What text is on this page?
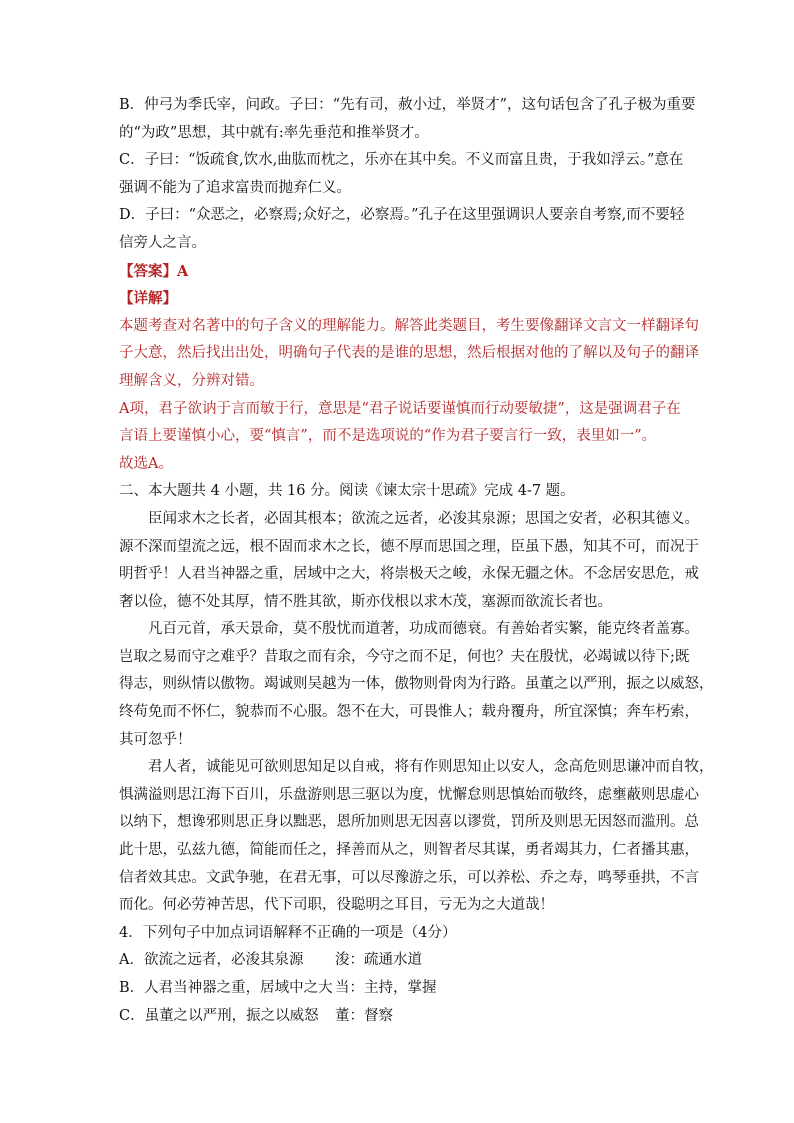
B．仲弓为季氏宰，问政。子曰：“先有司，赦小过，举贤才”，这句话包含了孔子极为重要
的“为政”思想，其中就有:率先垂范和推举贤才。
C．子曰：“饭疏食,饮水,曲肱而枕之，乐亦在其中矣。不义而富且贵，于我如浮云。”意在
强调不能为了追求富贵而抛弃仁义。
D．子曰：“众恶之，必察焉;众好之，必察焉。”孔子在这里强调识人要亲自考察,而不要轻
信旁人之言。
【答案】A
【详解】
本题考查对名著中的句子含义的理解能力。解答此类题目，考生要像翻译文言文一样翻译句
子大意，然后找出出处，明确句子代表的是谁的思想，然后根据对他的了解以及句子的翻译
理解含义，分辨对错。
A项，君子欲讷于言而敏于行，意思是“君子说话要谨慎而行动要敏捷”，这是强调君子在
言语上要谨慎小心，要“慎言”，而不是选项说的“作为君子要言行一致，表里如一”。
故选A。
二、本大题共 4 小题，共 16 分。阅读《谏太宗十思疏》完成 4-7 题。
臣闻求木之长者，必固其根本；欲流之远者，必浚其泉源；思国之安者，必积其德义。
源不深而望流之远，根不固而求木之长，德不厚而思国之理，臣虽下愚，知其不可，而况于
明哲乎！人君当神器之重，居域中之大，将崇极天之峻，永保无疆之休。不念居安思危，戒
奢以俭，德不处其厚，情不胜其欲，斯亦伐根以求木茂，塞源而欲流长者也。
凡百元首，承天景命，莫不殷忧而道著，功成而德衰。有善始者实繁，能克终者盖寡。
岂取之易而守之难乎？昔取之而有余，今守之而不足，何也？夫在殷忧，必竭诚以待下;既
得志，则纵情以傲物。竭诚则吴越为一体，傲物则骨肉为行路。虽董之以严刑，振之以威怒，
终苟免而不怀仁，貌恭而不心服。怨不在大，可畏惟人；载舟覆舟，所宜深慎；奔车朽索，
其可忽乎！
君人者，诚能见可欲则思知足以自戒，将有作则思知止以安人，念高危则思谦冲而自牧，
惧满溢则思江海下百川，乐盘游则思三驱以为度，忧懈怠则思慎始而敬终，虑壅蔽则思虚心
以纳下，想谗邪则思正身以黜恶，恩所加则思无因喜以谬赏，罚所及则思无因怒而滥刑。总
此十思，弘兹九德，简能而任之，择善而从之，则智者尽其谋，勇者竭其力，仁者播其惠，
信者效其忠。文武争驰，在君无事，可以尽豫游之乐，可以养松、乔之寿，鸣琴垂拱，不言
而化。何必劳神苦思，代下司职，役聪明之耳目，亏无为之大道哉！
4．下列句子中加点词语解释不正确的一项是（4分）
A．欲流之远者，必浚其泉源 浚：疏通水道
B．人君当神器之重，居域中之大 当：主持，掌握
C．虽董之以严刑，振之以威怒 董：督察
